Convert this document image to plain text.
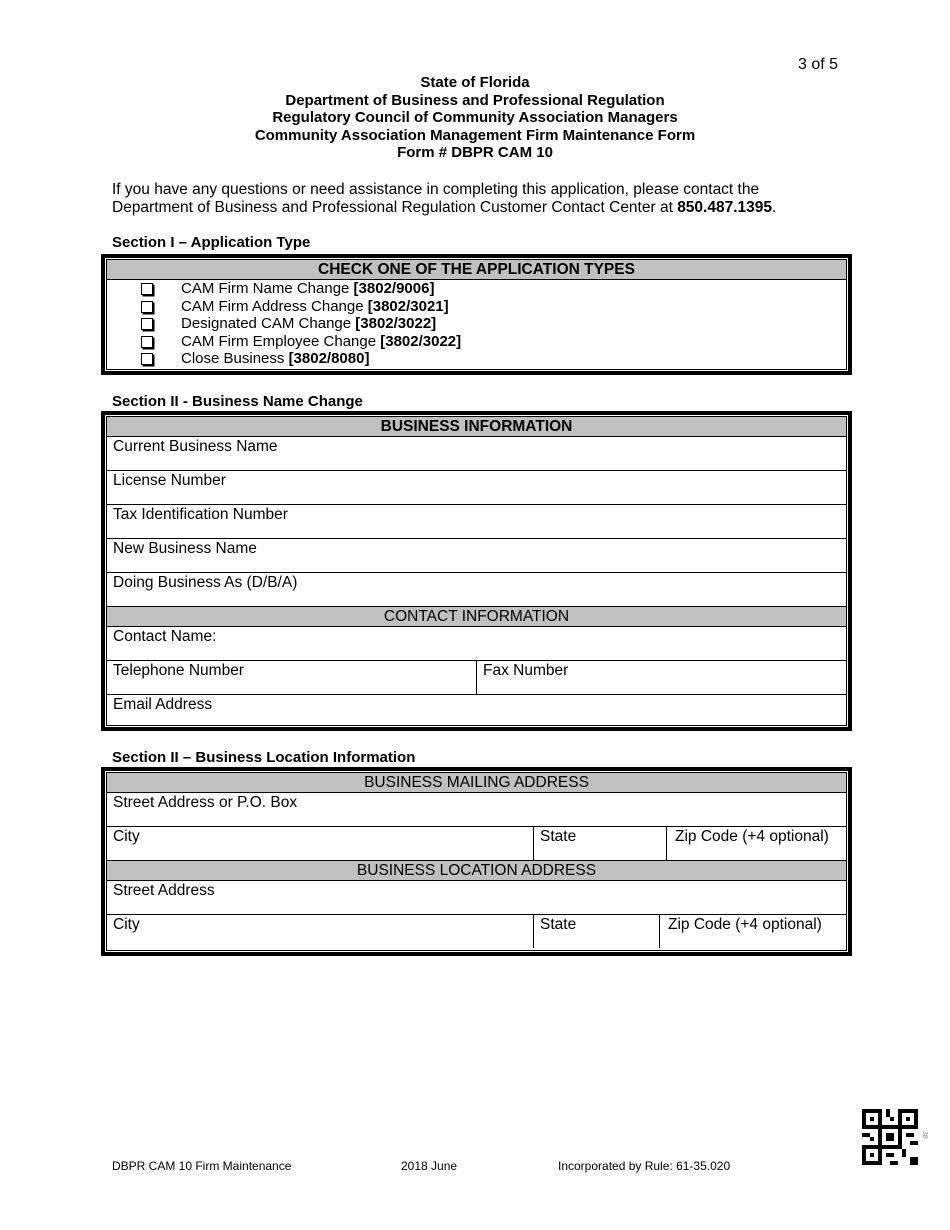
3 of 5
State of Florida
Department of Business and Professional Regulation
Regulatory Council of Community Association Managers
Community Association Management Firm Maintenance Form
Form # DBPR CAM 10
If you have any questions or need assistance in completing this application, please contact the Department of Business and Professional Regulation Customer Contact Center at 850.487.1395.
Section I – Application Type
CHECK ONE OF THE APPLICATION TYPES
CAM Firm Name Change [3802/9006]
CAM Firm Address Change [3802/3021]
Designated CAM Change [3802/3022]
CAM Firm Employee Change [3802/3022]
Close Business [3802/8080]
Section II - Business Name Change
BUSINESS INFORMATION
Current Business Name
License Number
Tax Identification Number
New Business Name
Doing Business As (D/B/A)
CONTACT INFORMATION
Contact Name:
Telephone Number	Fax Number
Email Address
Section II – Business Location Information
BUSINESS MAILING ADDRESS
Street Address or P.O. Box
City	State	Zip Code (+4 optional)
BUSINESS LOCATION ADDRESS
Street Address
City	State	Zip Code (+4 optional)
DBPR CAM 10 Firm Maintenance	2018 June	Incorporated by Rule: 61-35.020
38
